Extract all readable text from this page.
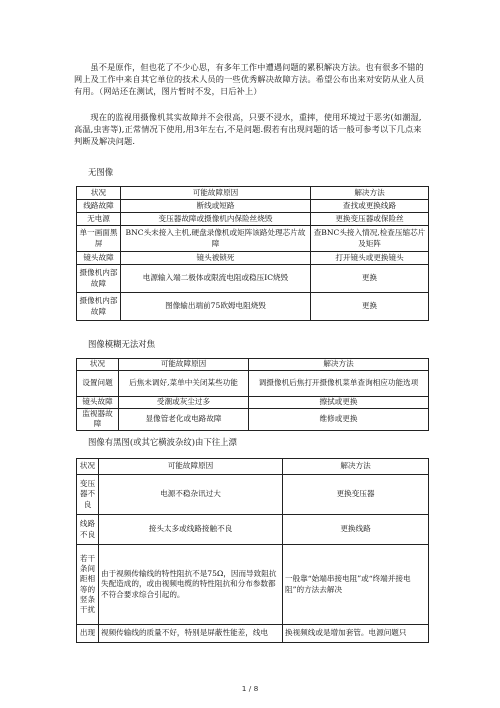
虽不是原作，但也花了不少心思，有多年工作中遭遇问题的累积解决方法。也有很多不错的网上及工作中来自其它单位的技术人员的一些优秀解决故障方法。希望公布出来对安防从业人员有用。（网站还在测试，图片暂时不发，日后补上）

现在的监视用摄像机其实故障并不会很高，只要不浸水，重摔，使用环境过于恶劣(如潮湿,高温,虫害等),正常情况下使用,用3年左右,不是问题.假若有出现问题的话一般可参考以下几点来判断及解决问题.

无图像

状况	可能故障原因	解决方法
线路故障	断线或短路	查找或更换线路
无电源	变压器故障或摄像机内保险丝烧毁	更换变压器或保险丝
单一画面黑屏	BNC头未接入主机,硬盘录像机或矩阵该路处理芯片故障	查BNC头接入情况,检查压缩芯片及矩阵
镜头故障	镜头被锁死	打开镜头或更换镜头
摄像机内部故障	电源输入端二极体或限流电阻或稳压IC烧毁	更换
摄像机内部故障	图像输出端前75欧姆电阻烧毁	更换

图像模糊无法对焦

状况	可能故障原因	解决方法
设置问题	后焦未调好,菜单中关闭某些功能	调摄像机后焦打开摄像机菜单查询相应功能选项
镜头故障	受潮或灰尘过多	擦拭或更换
监视器故障	显像管老化或电路故障	维修或更换

图像有黑图(或其它横波杂纹)由下往上漂

状况	可能故障原因	解决方法
变压器不良	电源不稳杂讯过大	更换变压器
线路不良	接头太多或线路接触不良	更换线路
若干条间距相等的竖条干扰	由于视频传输线的特性阻抗不是75Ω，因而导致阻抗失配造成的，或由视频电缆的特性阻抗和分布参数都不符合要求综合引起的。	一般靠“始端串接电阻”或“终端并接电阻”的方法去解决
出现	视频传输线的质量不好，特别是屏蔽性能差，线电	换视频线或是增加套管。电源问题只
1 / 8
